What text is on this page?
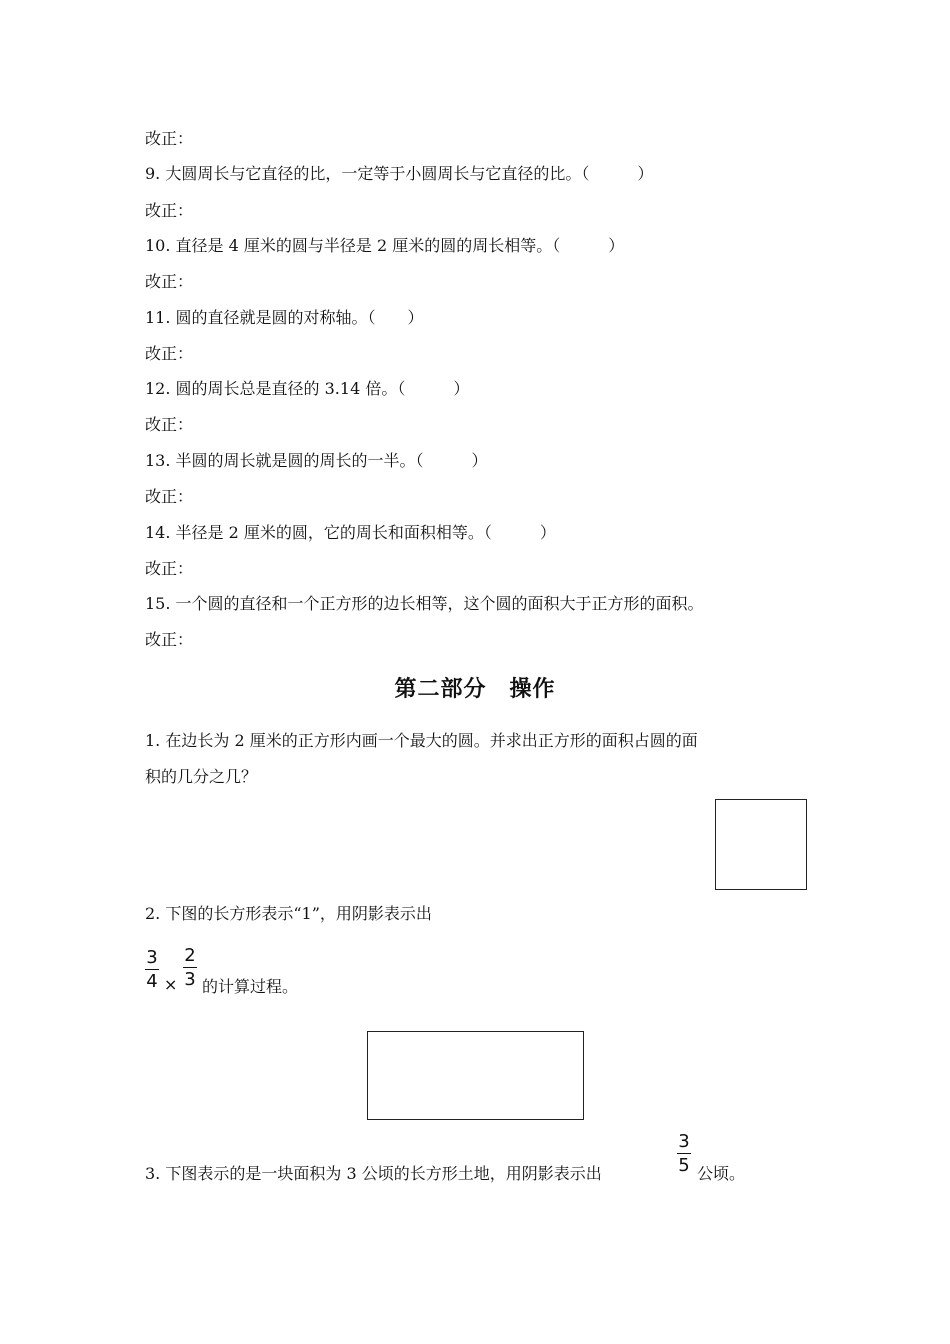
改正：
9. 大圆周长与它直径的比，一定等于小圆周长与它直径的比。（　　　）
改正：
10. 直径是 4 厘米的圆与半径是 2 厘米的圆的周长相等。（　　　）
改正：
11. 圆的直径就是圆的对称轴。（　　）
改正：
12. 圆的周长总是直径的 3.14 倍。（　　　）
改正：
13. 半圆的周长就是圆的周长的一半。（　　　）
改正：
14. 半径是 2 厘米的圆，它的周长和面积相等。（　　　）
改正：
15. 一个圆的直径和一个正方形的边长相等，这个圆的面积大于正方形的面积。
改正：
第二部分　操作
1. 在边长为 2 厘米的正方形内画一个最大的圆。并求出正方形的面积占圆的面
积的几分之几？
2. 下图的长方形表示“1”，用阴影表示出
3
4 ×
2
3 的计算过程。
3. 下图表示的是一块面积为 3 公顷的长方形土地，用阴影表示出
3
5 公顷。
